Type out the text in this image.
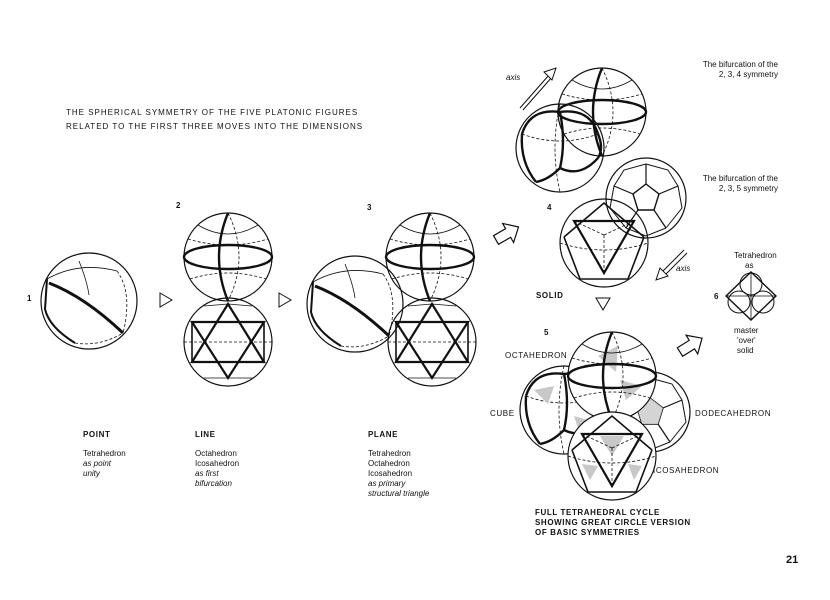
THE SPHERICAL SYMMETRY OF THE FIVE PLATONIC FIGURES
RELATED TO THE FIRST THREE MOVES INTO THE DIMENSIONS
1
2	3	4
5
6
POINT
Tetrahedron
as point
unity
LINE
Octahedron
Icosahedron
as first
bifurcation
PLANE
Tetrahedron
Octahedron
Icosahedron
as primary
structural triangle
SOLID
axis
axis
The bifurcation of the
2, 3, 4 symmetry
The bifurcation of the
2, 3, 5 symmetry
Tetrahedron
as
master
'over'
solid
OCTAHEDRON
CUBE	DODECAHEDRON
ICOSAHEDRON
FULL TETRAHEDRAL CYCLE
SHOWING GREAT CIRCLE VERSION
OF BASIC SYMMETRIES
21
